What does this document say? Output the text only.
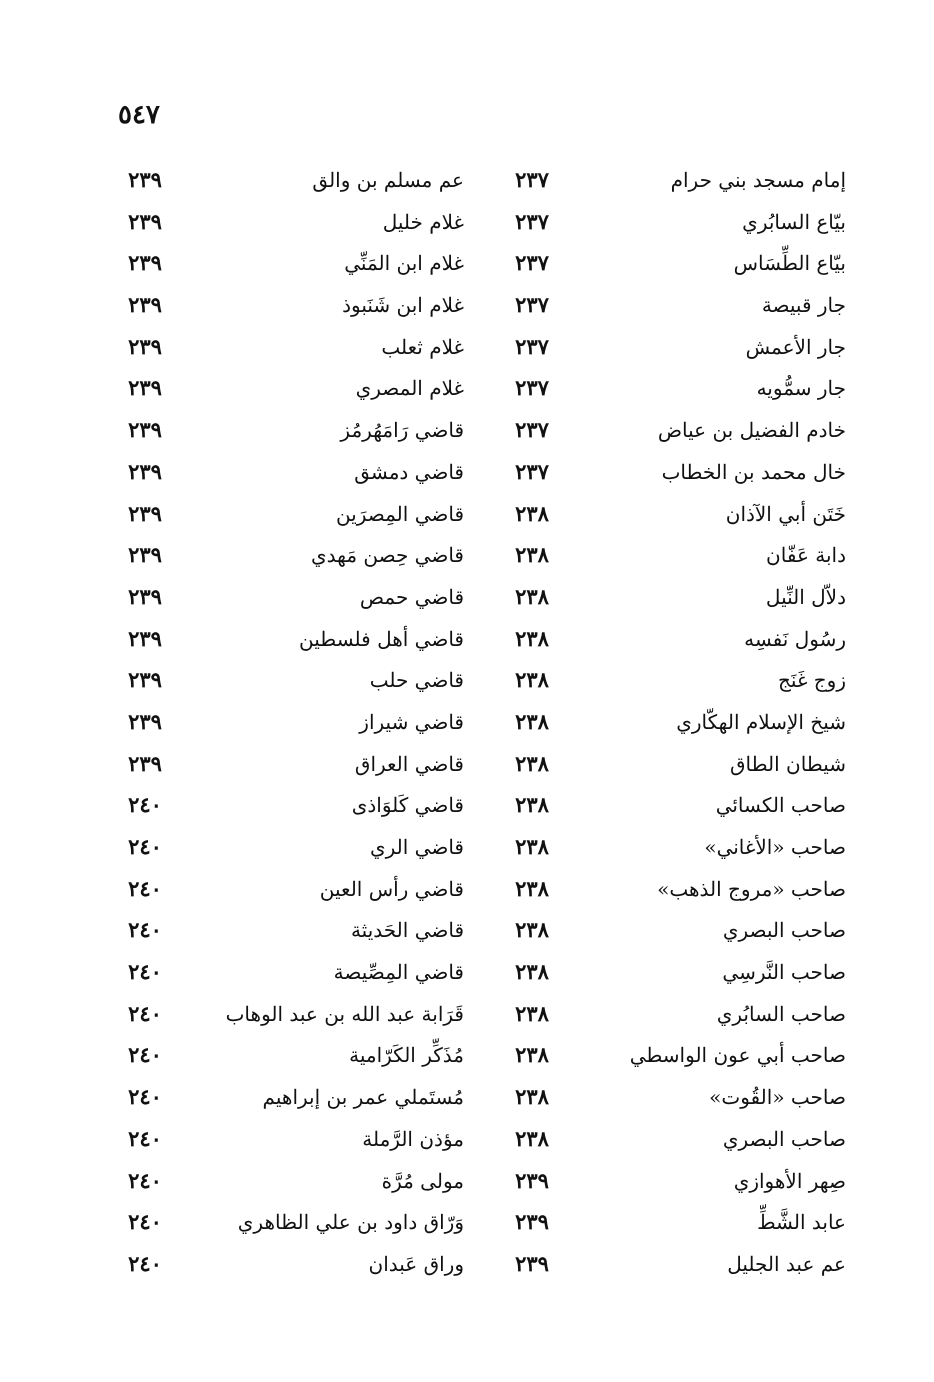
٥٤٧
إمام مسجد بني حرام
٢٣٧
عم مسلم بن والق
٢٣٩
بيّاع السابُري
٢٣٧
غلام خليل
٢٣٩
بيّاع الطِّسَاس
٢٣٧
غلام ابن المَنِّي
٢٣٩
جار قبيصة
٢٣٧
غلام ابن شَنَبوذ
٢٣٩
جار الأعمش
٢٣٧
غلام ثعلب
٢٣٩
جار سمُّويه
٢٣٧
غلام المصري
٢٣٩
خادم الفضيل بن عياض
٢٣٧
قاضي رَامَهُرمُز
٢٣٩
خال محمد بن الخطاب
٢٣٧
قاضي دمشق
٢٣٩
خَتَن أبي الآذان
٢٣٨
قاضي المِصرَين
٢٣٩
دابة عَفّان
٢٣٨
قاضي حِصن مَهدي
٢٣٩
دلاّل النِّيل
٢٣٨
قاضي حمص
٢٣٩
رسُول نَفسِه
٢٣٨
قاضي أهل فلسطين
٢٣٩
زوج غَنَج
٢٣٨
قاضي حلب
٢٣٩
شيخ الإسلام الهكّاري
٢٣٨
قاضي شيراز
٢٣٩
شيطان الطاق
٢٣٨
قاضي العراق
٢٣٩
صاحب الكسائي
٢٣٨
قاضي كَلوَاذى
٢٤٠
صاحب «الأغاني»
٢٣٨
قاضي الري
٢٤٠
صاحب «مروج الذهب»
٢٣٨
قاضي رأس العين
٢٤٠
صاحب البصري
٢٣٨
قاضي الحَديثة
٢٤٠
صاحب النَّرسِي
٢٣٨
قاضي المِصِّيصة
٢٤٠
صاحب السابُري
٢٣٨
قَرَابة عبد الله بن عبد الوهاب
٢٤٠
صاحب أبي عون الواسطي
٢٣٨
مُذَكِّر الكَرّامية
٢٤٠
صاحب «القُوت»
٢٣٨
مُستَملي عمر بن إبراهيم
٢٤٠
صاحب البصري
٢٣٨
مؤذن الرَّملة
٢٤٠
صِهر الأهوازي
٢٣٩
مولى مُرَّة
٢٤٠
عابد الشَّطِّ
٢٣٩
وَرّاق داود بن علي الظاهري
٢٤٠
عم عبد الجليل
٢٣٩
وراق عَبدان
٢٤٠
